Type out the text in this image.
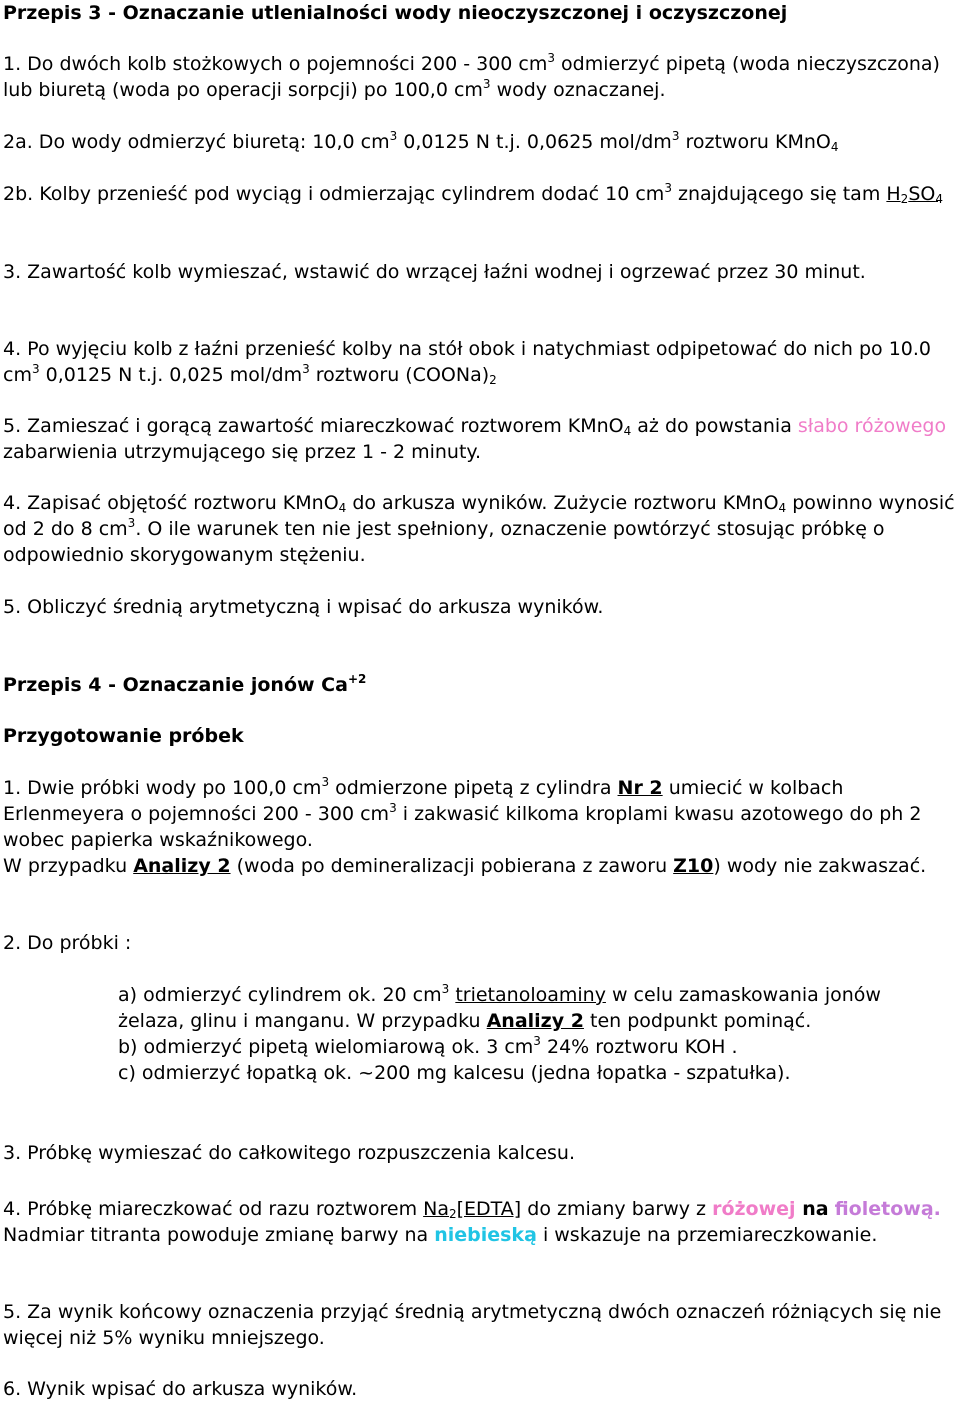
Przepis 3 - Oznaczanie utlenialności wody nieoczyszczonej i oczyszczonej

1. Do dwóch kolb stożkowych o pojemności 200 - 300 $cm^3$ odmierzyć pipetą (woda nieczyszczona) lub biuretą (woda po operacji sorpcji) po 100,0 $cm^3$ wody oznaczanej.

2a. Do wody odmierzyć biuretą: 10,0 $cm^3$ 0,0125 N t.j. 0,0625 mol/$dm^3$ roztworu KMnO$_4$

2b. Kolby przenieść pod wyciąg i odmierzając cylindrem dodać 10 $cm^3$ znajdującego się tam $H_2SO_4$

3. Zawartość kolb wymieszać, wstawić do wrzącej łaźni wodnej i ogrzewać przez 30 minut.

4. Po wyjęciu kolb z łaźni przenieść kolby na stół obok i natychmiast odpipetować do nich po 10.0 $cm^3$ 0,0125 N t.j. 0,025 mol/$dm^3$ roztworu $(COONa)_2$

5. Zamieszać i gorącą zawartość miareczkować roztworem KMnO$_4$ aż do powstania słabo różowego zabarwienia utrzymującego się przez 1 - 2 minuty.

4. Zapisać objętość roztworu KMnO$_4$ do arkusza wyników. Zużycie roztworu KMnO$_4$ powinno wynosić od 2 do 8 $cm^3$. O ile warunek ten nie jest spełniony, oznaczenie powtórzyć stosując próbkę o odpowiednio skorygowanym stężeniu.

5. Obliczyć średnią arytmetyczną i wpisać do arkusza wyników.

Przepis 4 - Oznaczanie jonów $Ca^{+2}$
Przygotowanie próbek

1. Dwie próbki wody po 100,0 $cm^3$ odmierzone pipetą z cylindra Nr 2 umiecić w kolbach Erlenmeyera o pojemności 200 - 300 $cm^3$ i zakwasić kilkoma kroplami kwasu azotowego do ph 2 wobec papierka wskaźnikowego.
W przypadku Analizy 2 (woda po demineralizacji pobierana z zaworu Z10) wody nie zakwaszać.

2. Do próbki :

a) odmierzyć cylindrem ok. 20 $cm^3$ trietanoloaminy w celu zamaskowania jonów żelaza, glinu i manganu. W przypadku Analizy 2 ten podpunkt pominąć.

b) odmierzyć pipetą wielomiarową ok. 3 $cm^3$ 24% roztworu KOH .

c) odmierzyć łopatką ok. ~200 mg kalcesu (jedna łopatka - szpatułka).

3. Próbkę wymieszać do całkowitego rozpuszczenia kalcesu.

4. Próbkę miareczkować od razu roztworem $Na_2[EDTA]$ do zmiany barwy z różowej na fioletową. Nadmiar titranta powoduje zmianę barwy na niebieską i wskazuje na przemiareczkowanie.

5. Za wynik końcowy oznaczenia przyjąć średnią arytmetyczną dwóch oznaczeń różniących się nie więcej niż 5% wyniku mniejszego.

6. Wynik wpisać do arkusza wyników.
